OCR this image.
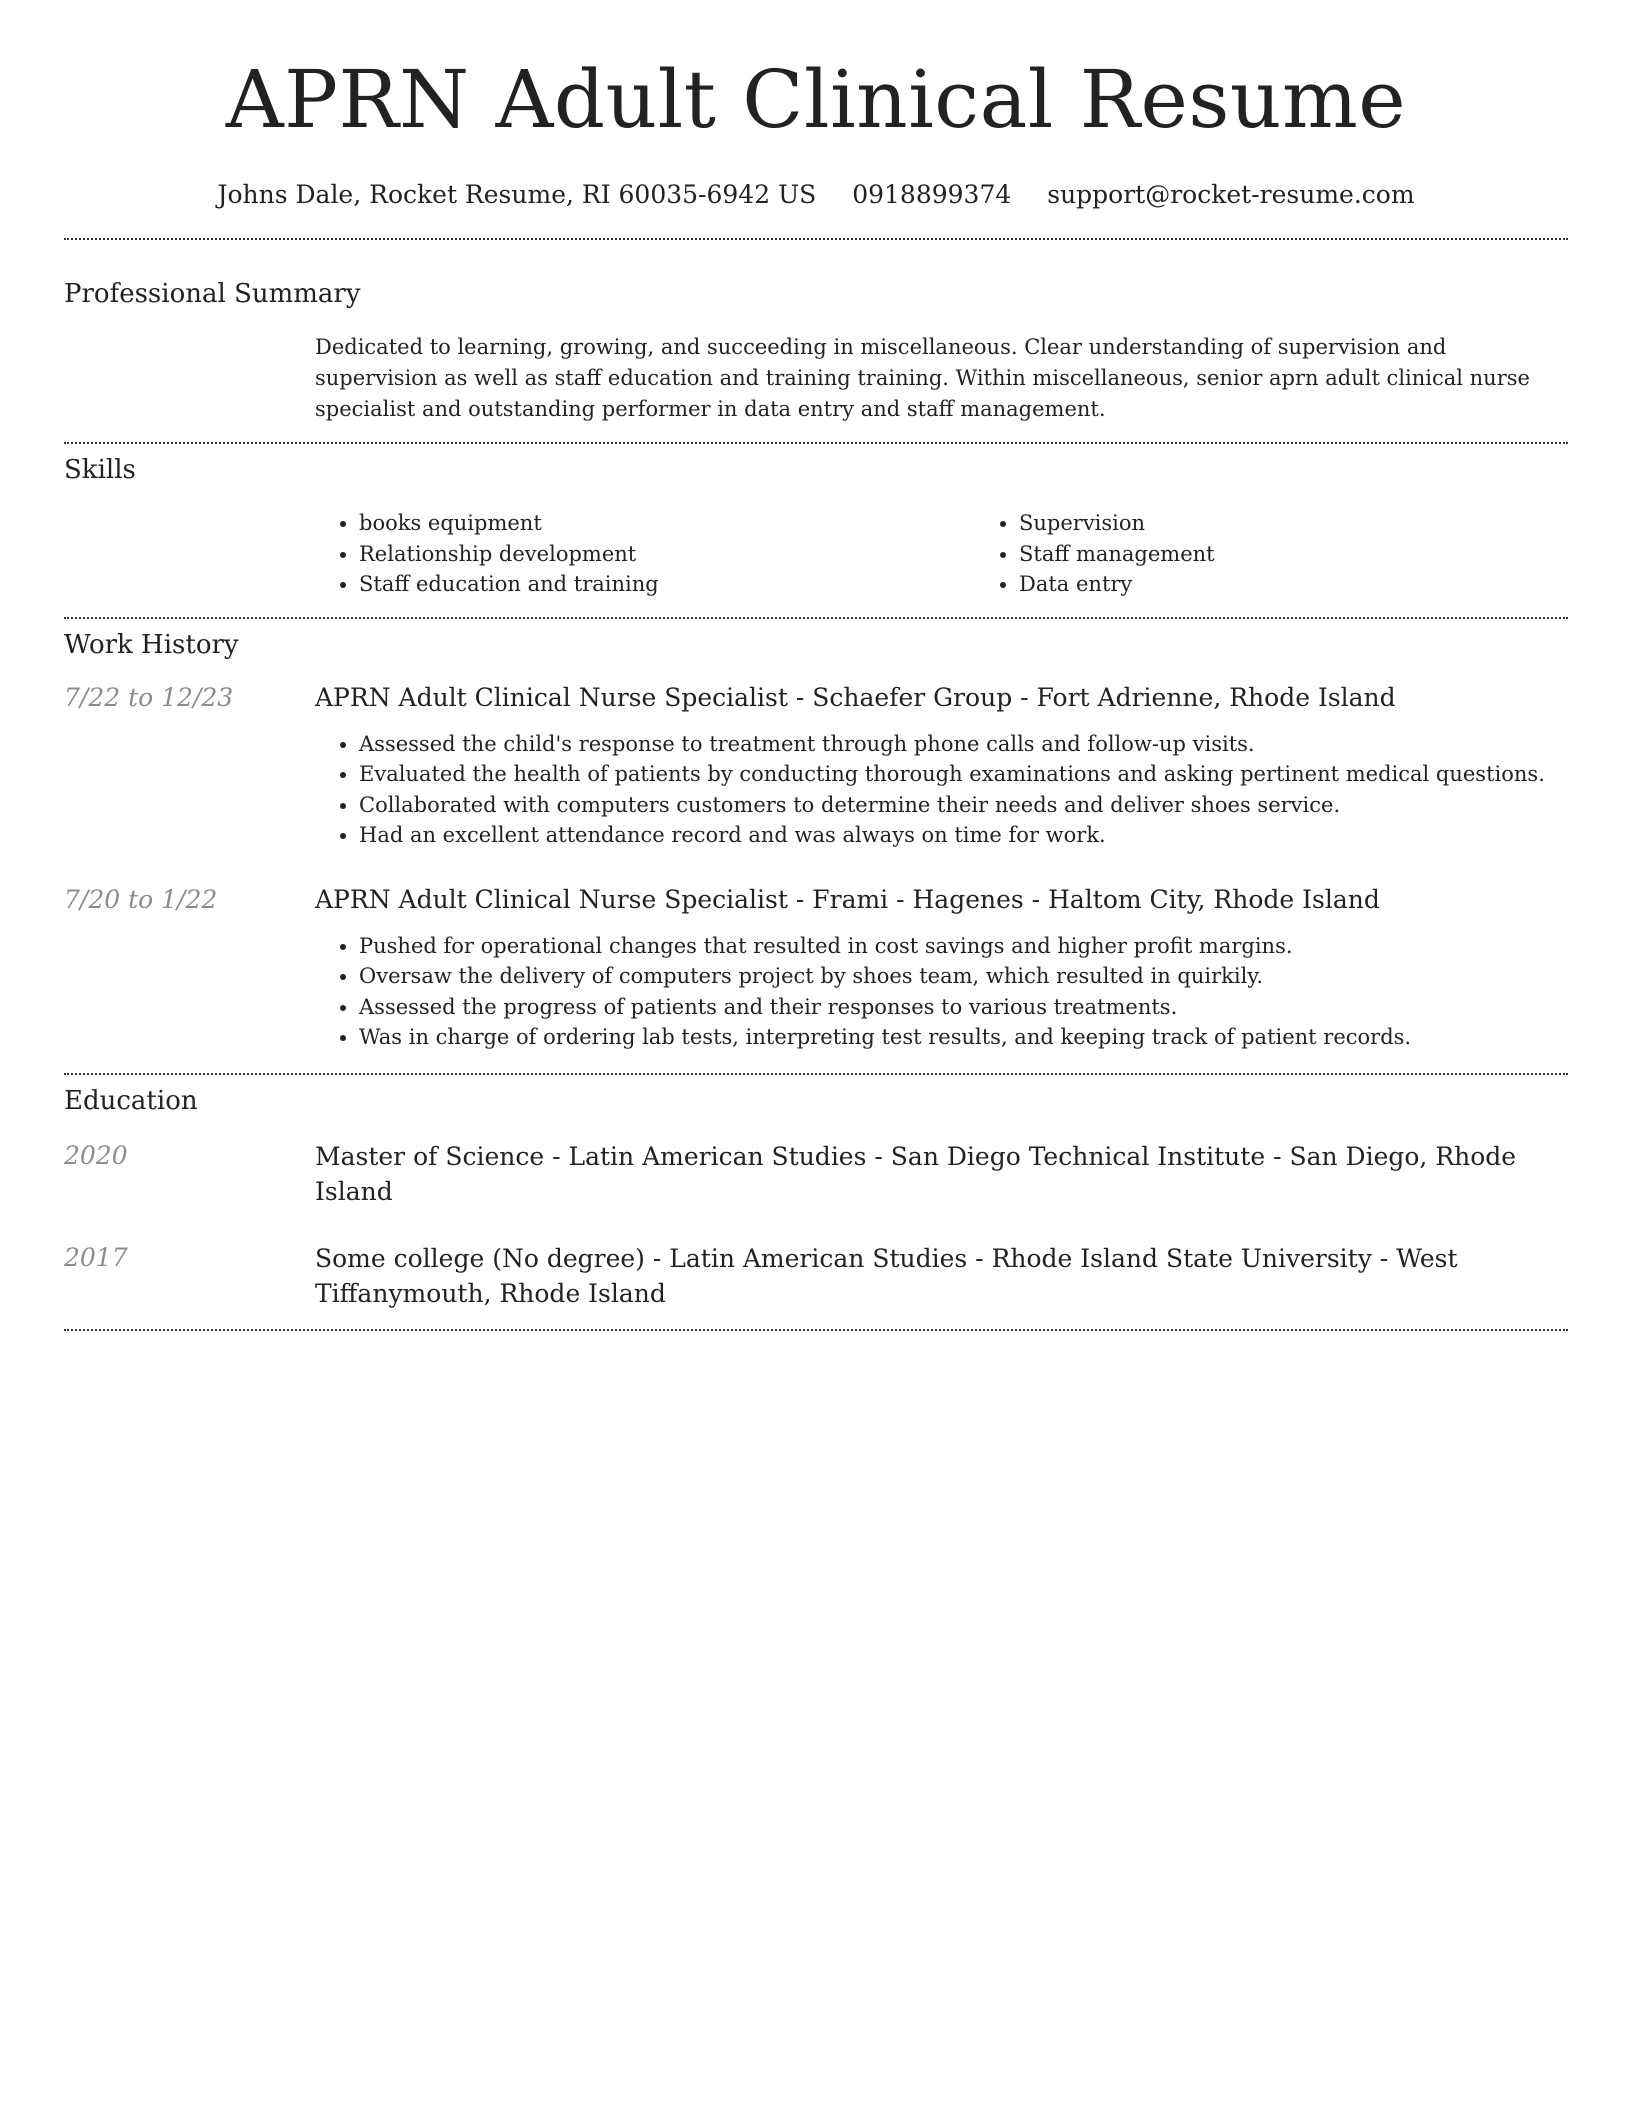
APRN Adult Clinical Resume
Johns Dale, Rocket Resume, RI 60035-6942 US 0918899374 support@rocket-resume.com
Professional Summary

Dedicated to learning, growing, and succeeding in miscellaneous. Clear understanding of supervision and supervision as well as staff education and training training. Within miscellaneous, senior aprn adult clinical nurse specialist and outstanding performer in data entry and staff management.

Skills
• books equipment
• Relationship development
• Staff education and training
• Supervision
• Staff management
• Data entry
Work History
7/22 to 12/23	APRN Adult Clinical Nurse Specialist - Schaefer Group - Fort Adrienne, Rhode Island

• Assessed the child's response to treatment through phone calls and follow-up visits.
• Evaluated the health of patients by conducting thorough examinations and asking pertinent medical questions.
• Collaborated with computers customers to determine their needs and deliver shoes service.
• Had an excellent attendance record and was always on time for work.
7/20 to 1/22	APRN Adult Clinical Nurse Specialist - Frami - Hagenes - Haltom City, Rhode Island

• Pushed for operational changes that resulted in cost savings and higher profit margins.
• Oversaw the delivery of computers project by shoes team, which resulted in quirkily.
• Assessed the progress of patients and their responses to various treatments.
• Was in charge of ordering lab tests, interpreting test results, and keeping track of patient records.
Education
2020	Master of Science - Latin American Studies - San Diego Technical Institute - San Diego, Rhode Island

2017	Some college (No degree) - Latin American Studies - Rhode Island State University - West Tiffanymouth, Rhode Island
